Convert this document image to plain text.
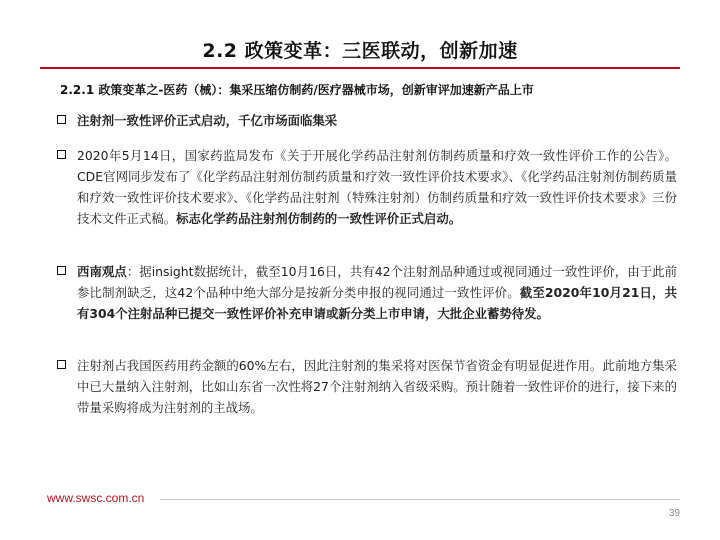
2.2 政策变革：三医联动，创新加速
2.2.1 政策变革之-医药（械）：集采压缩仿制药/医疗器械市场，创新审评加速新产品上市
注射剂一致性评价正式启动，千亿市场面临集采
2020年5月14日，国家药监局发布《关于开展化学药品注射剂仿制药质量和疗效一致性评价工作的公告》。CDE官网同步发布了《化学药品注射剂仿制药质量和疗效一致性评价技术要求》、《化学药品注射剂仿制药质量和疗效一致性评价技术要求》、《化学药品注射剂（特殊注射剂）仿制药质量和疗效一致性评价技术要求》三份技术文件正式稿。标志化学药品注射剂仿制药的一致性评价正式启动。
西南观点：据insight数据统计，截至10月16日，共有42个注射剂品种通过或视同通过一致性评价，由于此前参比制剂缺乏，这42个品种中绝大部分是按新分类申报的视同通过一致性评价。截至2020年10月21日，共有304个注射品种已提交一致性评价补充申请或新分类上市申请，大批企业蓄势待发。
注射剂占我国医药用药金额的60%左右，因此注射剂的集采将对医保节省资金有明显促进作用。此前地方集采中已大量纳入注射剂，比如山东省一次性将27个注射剂纳入省级采购。预计随着一致性评价的进行，接下来的带量采购将成为注射剂的主战场。
www.swsc.com.cn
39
